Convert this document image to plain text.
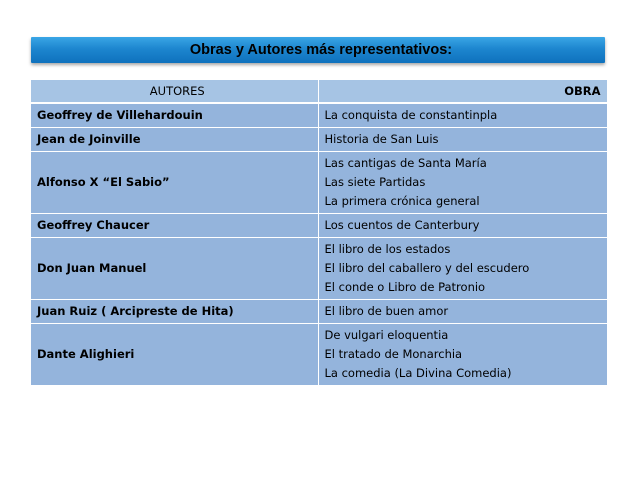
Obras y Autores más representativos:
AUTORES	OBRA
Geoffrey de Villehardouin	La conquista de constantinpla

Jean de Joinville	Historia de San Luis

Alfonso X “El Sabio”	Las cantigas de Santa María
Las siete Partidas
La primera crónica general

Geoffrey Chaucer	Los cuentos de Canterbury

Don Juan Manuel	El libro de los estados
El libro del caballero y del escudero
El conde o Libro de Patronio

Juan Ruiz ( Arcipreste de Hita)	El libro de buen amor

Dante Alighieri	De vulgari eloquentia
El tratado de Monarchia
La comedia (La Divina Comedia)
